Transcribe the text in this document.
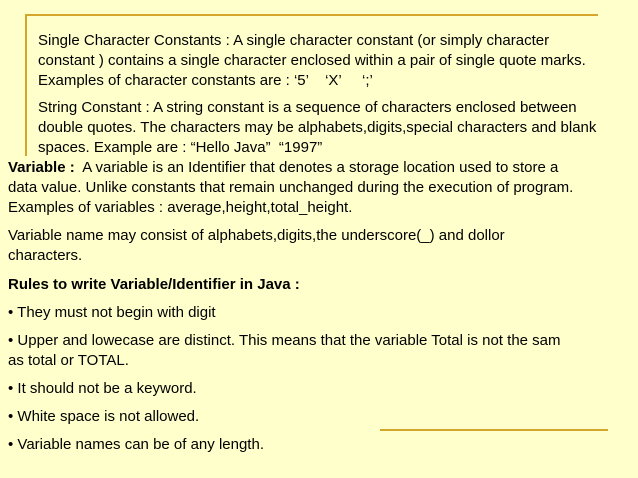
Single Character Constants : A single character constant (or simply character
constant ) contains a single character enclosed within a pair of single quote marks.
Examples of character constants are : ‘5’    ‘X’     ‘;’
String Constant : A string constant is a sequence of characters enclosed between
double quotes. The characters may be alphabets,digits,special characters and blank
spaces. Example are : “Hello Java”  “1997”
Variable :  A variable is an Identifier that denotes a storage location used to store a
data value. Unlike constants that remain unchanged during the execution of program.
Examples of variables : average,height,total_height.
Variable name may consist of alphabets,digits,the underscore(_) and dollor
characters.
Rules to write Variable/Identifier in Java :
• They must not begin with digit
• Upper and lowecase are distinct. This means that the variable Total is not the sam
as total or TOTAL.
• It should not be a keyword.
• White space is not allowed.
• Variable names can be of any length.
